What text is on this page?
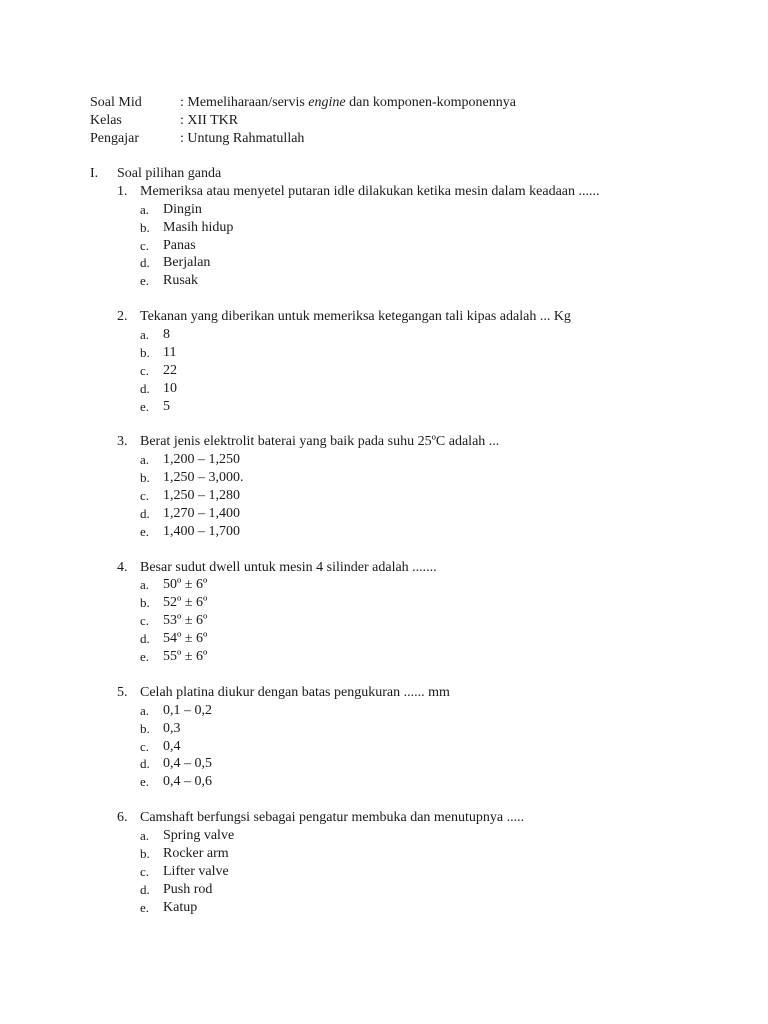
Soal Mid	: Memeliharaan/servis engine dan komponen-komponennya
Kelas	: XII TKR
Pengajar	: Untung Rahmatullah
I.	Soal pilihan ganda
1. Memeriksa atau menyetel putaran idle dilakukan ketika mesin dalam keadaan ......
a. Dingin
b. Masih hidup
c. Panas
d. Berjalan
e. Rusak
2. Tekanan yang diberikan untuk memeriksa ketegangan tali kipas adalah ... Kg
a. 8
b. 11
c. 22
d. 10
e. 5
3. Berat jenis elektrolit baterai yang baik pada suhu 25ºC adalah ...
a. 1,200 – 1,250
b. 1,250 – 3,000.
c. 1,250 – 1,280
d. 1,270 – 1,400
e. 1,400 – 1,700
4. Besar sudut dwell untuk mesin 4 silinder adalah .......
a. 50º ± 6º
b. 52º ± 6º
c. 53º ± 6º
d. 54º ± 6º
e. 55º ± 6º
5. Celah platina diukur dengan batas pengukuran ...... mm
a. 0,1 – 0,2
b. 0,3
c. 0,4
d. 0,4 – 0,5
e. 0,4 – 0,6
6. Camshaft berfungsi sebagai pengatur membuka dan menutupnya .....
a. Spring valve
b. Rocker arm
c. Lifter valve
d. Push rod
e. Katup
